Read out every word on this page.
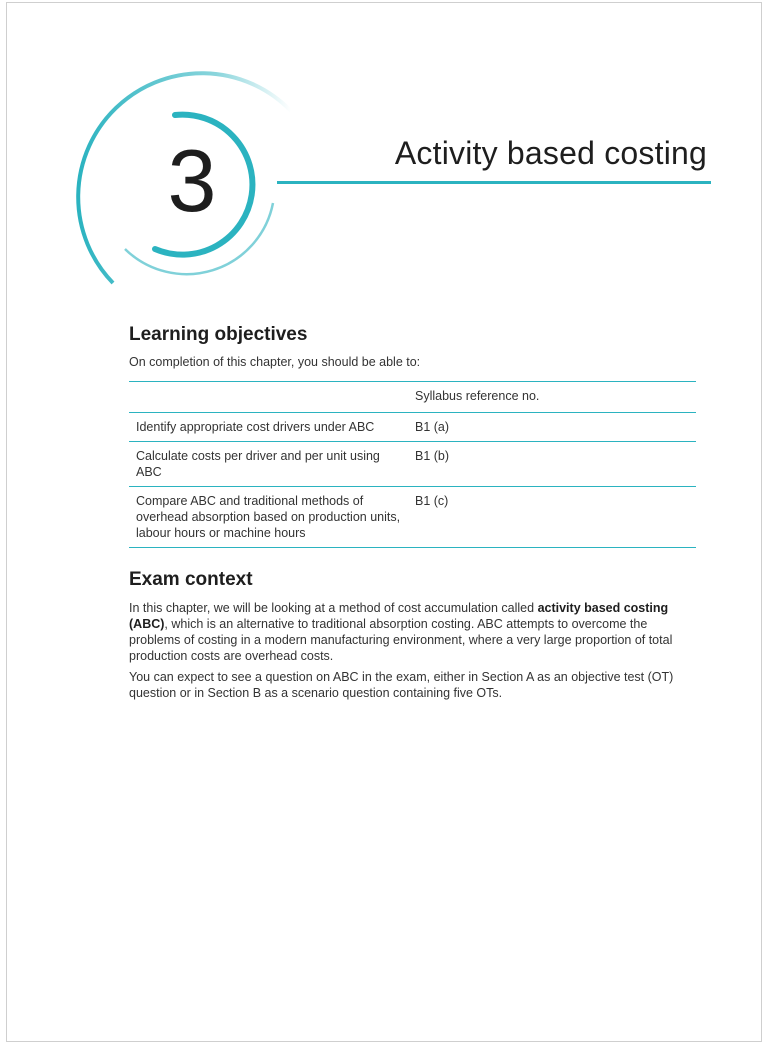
3	Activity based costing
Learning objectives

On completion of this chapter, you should be able to:

	Syllabus reference no.
Identify appropriate cost drivers under ABC	B1 (a)
Calculate costs per driver and per unit using ABC	B1 (b)
Compare ABC and traditional methods of overhead absorption based on production units, labour hours or machine hours	B1 (c)
Exam context

In this chapter, we will be looking at a method of cost accumulation called activity based costing (ABC), which is an alternative to traditional absorption costing. ABC attempts to overcome the problems of costing in a modern manufacturing environment, where a very large proportion of total production costs are overhead costs.

You can expect to see a question on ABC in the exam, either in Section A as an objective test (OT) question or in Section B as a scenario question containing five OTs.
